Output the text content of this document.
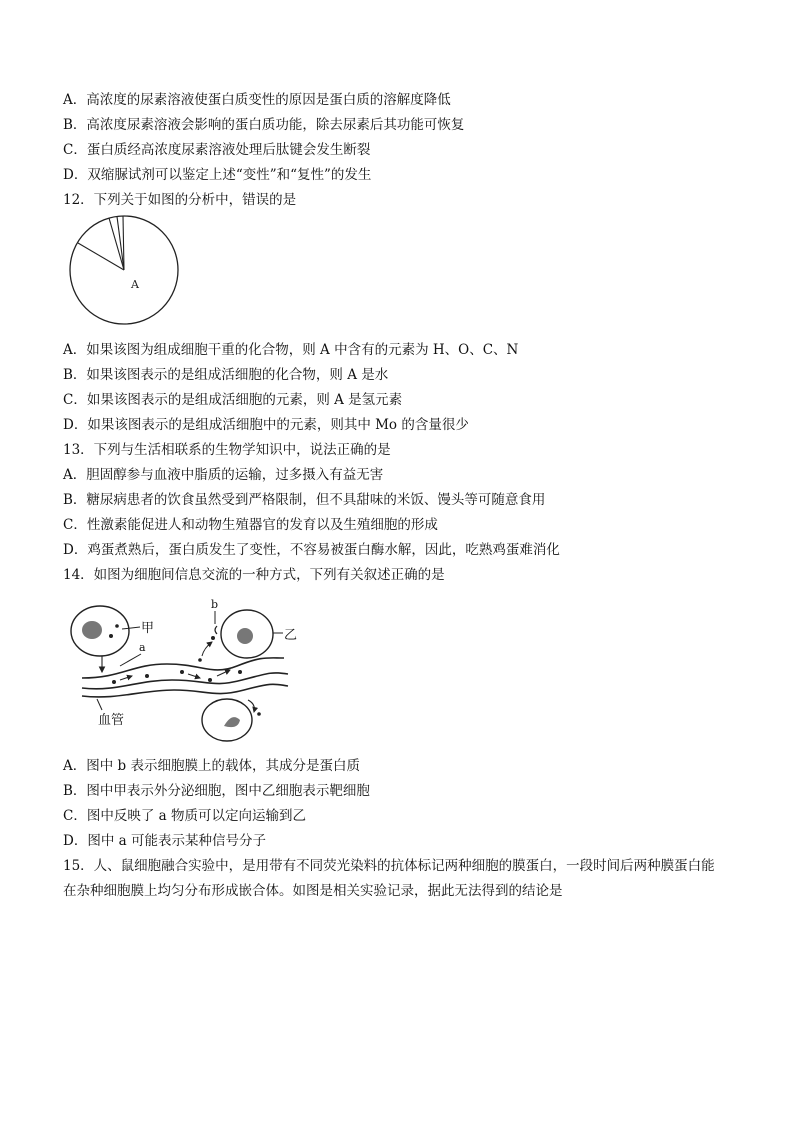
A．高浓度的尿素溶液使蛋白质变性的原因是蛋白质的溶解度降低
B．高浓度尿素溶液会影响的蛋白质功能，除去尿素后其功能可恢复
C．蛋白质经高浓度尿素溶液处理后肽键会发生断裂
D．双缩脲试剂可以鉴定上述“变性”和“复性”的发生
12．下列关于如图的分析中，错误的是
A
A．如果该图为组成细胞干重的化合物，则 A 中含有的元素为 H、O、C、N
B．如果该图表示的是组成活细胞的化合物，则 A 是水
C．如果该图表示的是组成活细胞的元素，则 A 是氢元素
D．如果该图表示的是组成活细胞中的元素，则其中 Mo 的含量很少
13．下列与生活相联系的生物学知识中，说法正确的是
A．胆固醇参与血液中脂质的运输，过多摄入有益无害
B．糖尿病患者的饮食虽然受到严格限制，但不具甜味的米饭、馒头等可随意食用
C．性激素能促进人和动物生殖器官的发育以及生殖细胞的形成
D．鸡蛋煮熟后，蛋白质发生了变性，不容易被蛋白酶水解，因此，吃熟鸡蛋难消化
14．如图为细胞间信息交流的一种方式，下列有关叙述正确的是
甲	乙
b
a
血管
A．图中 b 表示细胞膜上的载体，其成分是蛋白质
B．图中甲表示外分泌细胞，图中乙细胞表示靶细胞
C．图中反映了 a 物质可以定向运输到乙
D．图中 a 可能表示某种信号分子
15．人、鼠细胞融合实验中，是用带有不同荧光染料的抗体标记两种细胞的膜蛋白，一段时间后两种膜蛋白能
在杂种细胞膜上均匀分布形成嵌合体。如图是相关实验记录，据此无法得到的结论是
